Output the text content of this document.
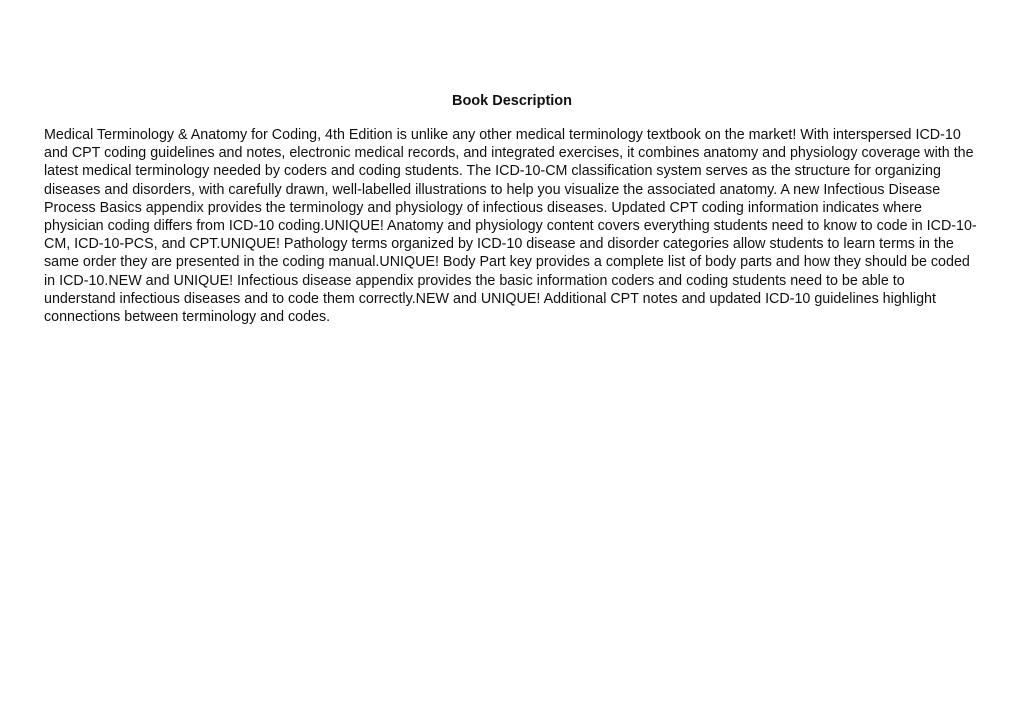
Book Description

Medical Terminology & Anatomy for Coding, 4th Edition is unlike any other medical terminology textbook on the market! With interspersed ICD-10 and CPT coding guidelines and notes, electronic medical records, and integrated exercises, it combines anatomy and physiology coverage with the latest medical terminology needed by coders and coding students. The ICD-10-CM classification system serves as the structure for organizing diseases and disorders, with carefully drawn, well-labelled illustrations to help you visualize the associated anatomy. A new Infectious Disease Process Basics appendix provides the terminology and physiology of infectious diseases. Updated CPT coding information indicates where physician coding differs from ICD-10 coding.UNIQUE! Anatomy and physiology content covers everything students need to know to code in ICD-10-CM, ICD-10-PCS, and CPT.UNIQUE! Pathology terms organized by ICD-10 disease and disorder categories allow students to learn terms in the same order they are presented in the coding manual.UNIQUE! Body Part key provides a complete list of body parts and how they should be coded in ICD-10.NEW and UNIQUE! Infectious disease appendix provides the basic information coders and coding students need to be able to understand infectious diseases and to code them correctly.NEW and UNIQUE! Additional CPT notes and updated ICD-10 guidelines highlight connections between terminology and codes.
